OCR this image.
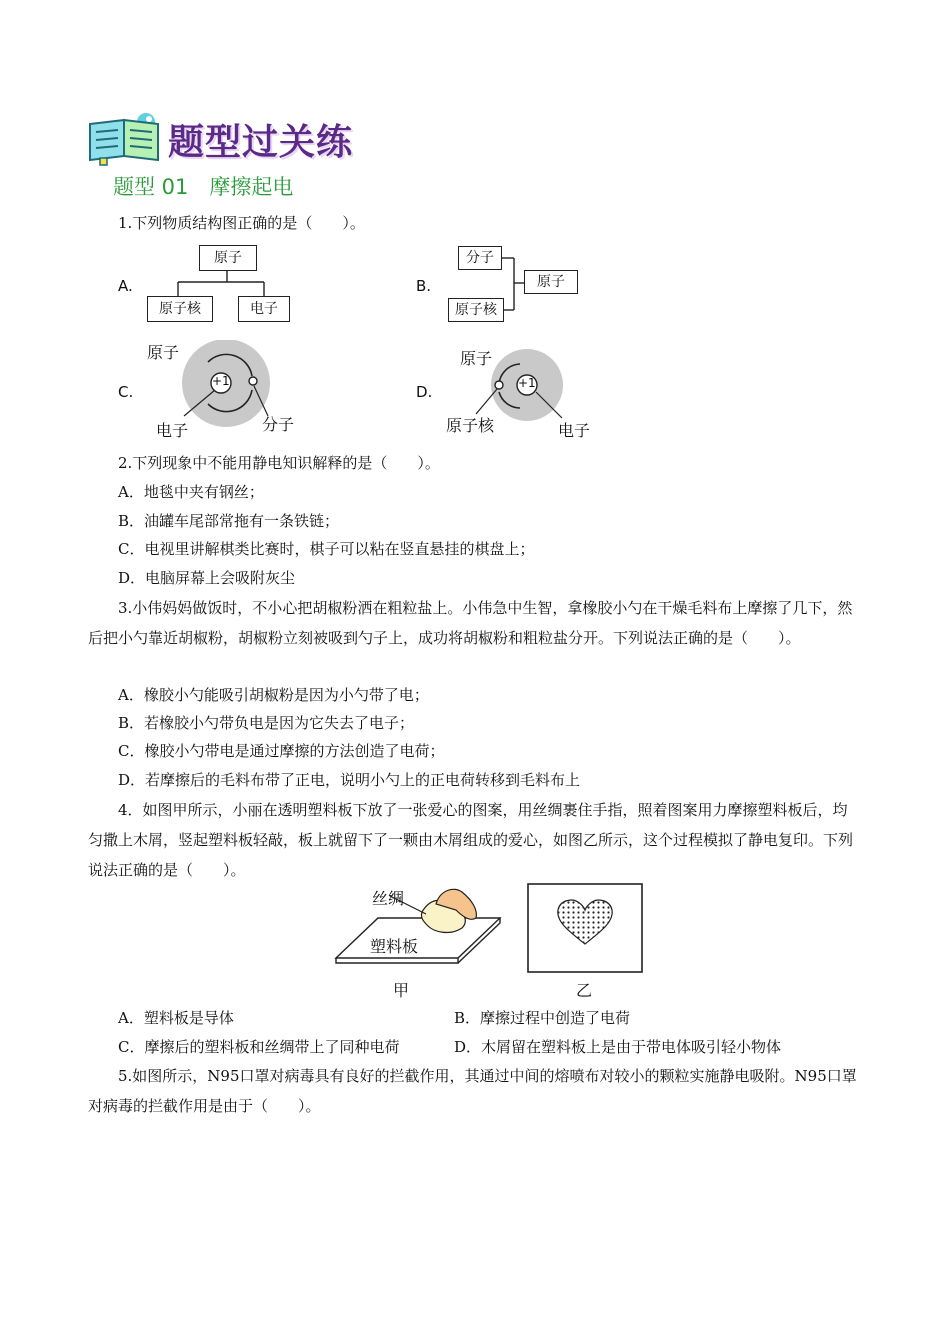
题型过关练
题型 01　摩擦起电
1.下列物质结构图正确的是（　　）。
A.
原子
原子核	电子
B.
分子
原子核
原子
C.
原子
+1
电子	分子
D.
原子
+1
原子核	电子
2.下列现象中不能用静电知识解释的是（　　）。
A．地毯中夹有钢丝；
B．油罐车尾部常拖有一条铁链；
C．电视里讲解棋类比赛时，棋子可以粘在竖直悬挂的棋盘上；
D．电脑屏幕上会吸附灰尘
3.小伟妈妈做饭时，不小心把胡椒粉洒在粗粒盐上。小伟急中生智，拿橡胶小勺在干燥毛料布上摩擦了几下，然后把小勺靠近胡椒粉，胡椒粉立刻被吸到勺子上，成功将胡椒粉和粗粒盐分开。下列说法正确的是（　　）。
A．橡胶小勺能吸引胡椒粉是因为小勺带了电；
B．若橡胶小勺带负电是因为它失去了电子；
C．橡胶小勺带电是通过摩擦的方法创造了电荷；
D．若摩擦后的毛料布带了正电，说明小勺上的正电荷转移到毛料布上
4．如图甲所示，小丽在透明塑料板下放了一张爱心的图案，用丝绸裹住手指，照着图案用力摩擦塑料板后，均匀撒上木屑，竖起塑料板轻敲，板上就留下了一颗由木屑组成的爱心，如图乙所示，这个过程模拟了静电复印。下列说法正确的是（　　）。
丝绸
塑料板
甲	乙
A．塑料板是导体	B．摩擦过程中创造了电荷
C．摩擦后的塑料板和丝绸带上了同种电荷	D．木屑留在塑料板上是由于带电体吸引轻小物体
5.如图所示，N95口罩对病毒具有良好的拦截作用，其通过中间的熔喷布对较小的颗粒实施静电吸附。N95口罩对病毒的拦截作用是由于（　　）。
